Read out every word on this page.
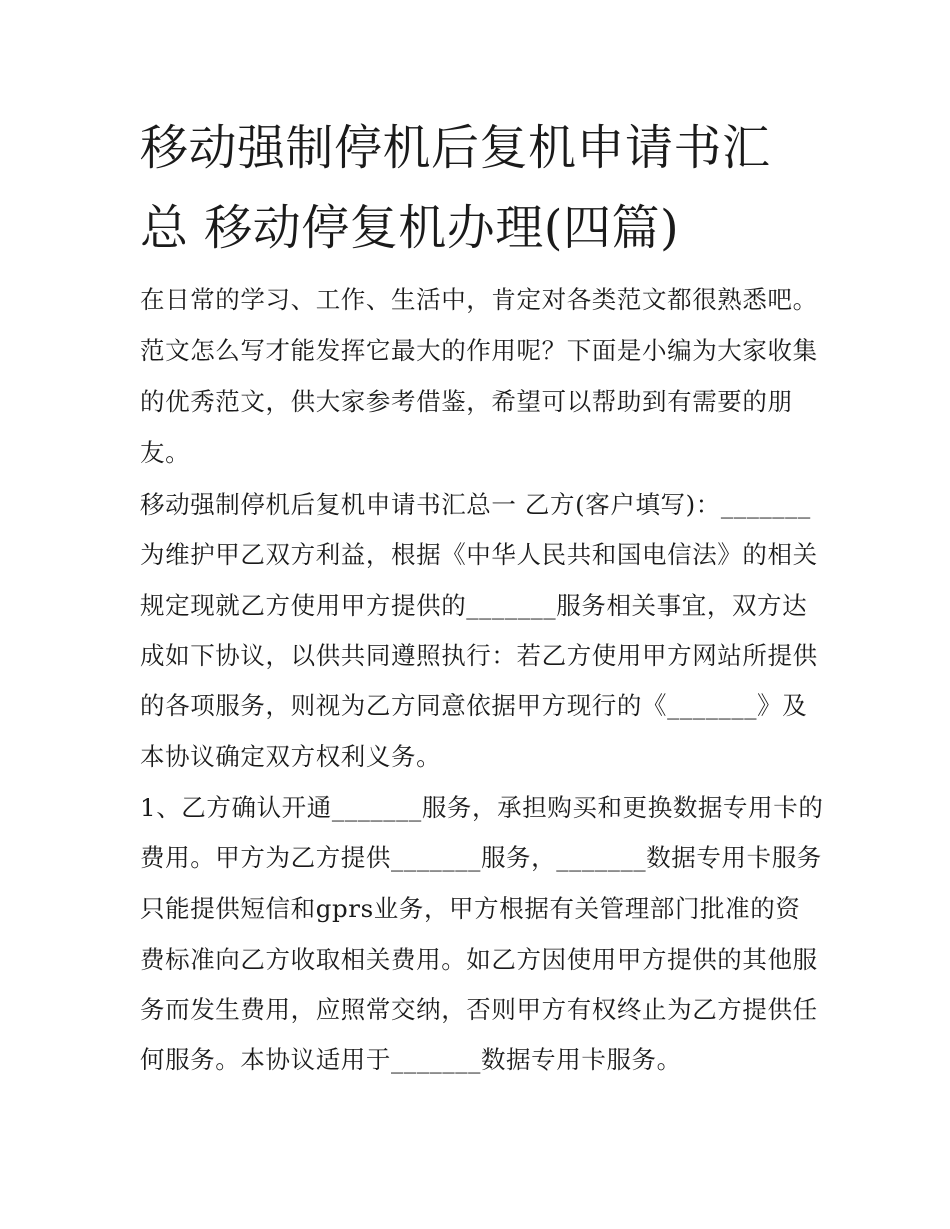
移动强制停机后复机申请书汇
总 移动停复机办理(四篇)
在日常的学习、工作、生活中，肯定对各类范文都很熟悉吧。
范文怎么写才能发挥它最大的作用呢？下面是小编为大家收集
的优秀范文，供大家参考借鉴，希望可以帮助到有需要的朋
友。
移动强制停机后复机申请书汇总一 乙方(客户填写)：_______
为维护甲乙双方利益，根据《中华人民共和国电信法》的相关
规定现就乙方使用甲方提供的_______服务相关事宜，双方达
成如下协议，以供共同遵照执行：若乙方使用甲方网站所提供
的各项服务，则视为乙方同意依据甲方现行的《_______》及
本协议确定双方权利义务。
1、乙方确认开通_______服务，承担购买和更换数据专用卡的
费用。甲方为乙方提供_______服务，_______数据专用卡服务
只能提供短信和gprs业务，甲方根据有关管理部门批准的资
费标准向乙方收取相关费用。如乙方因使用甲方提供的其他服
务而发生费用，应照常交纳，否则甲方有权终止为乙方提供任
何服务。本协议适用于_______数据专用卡服务。
